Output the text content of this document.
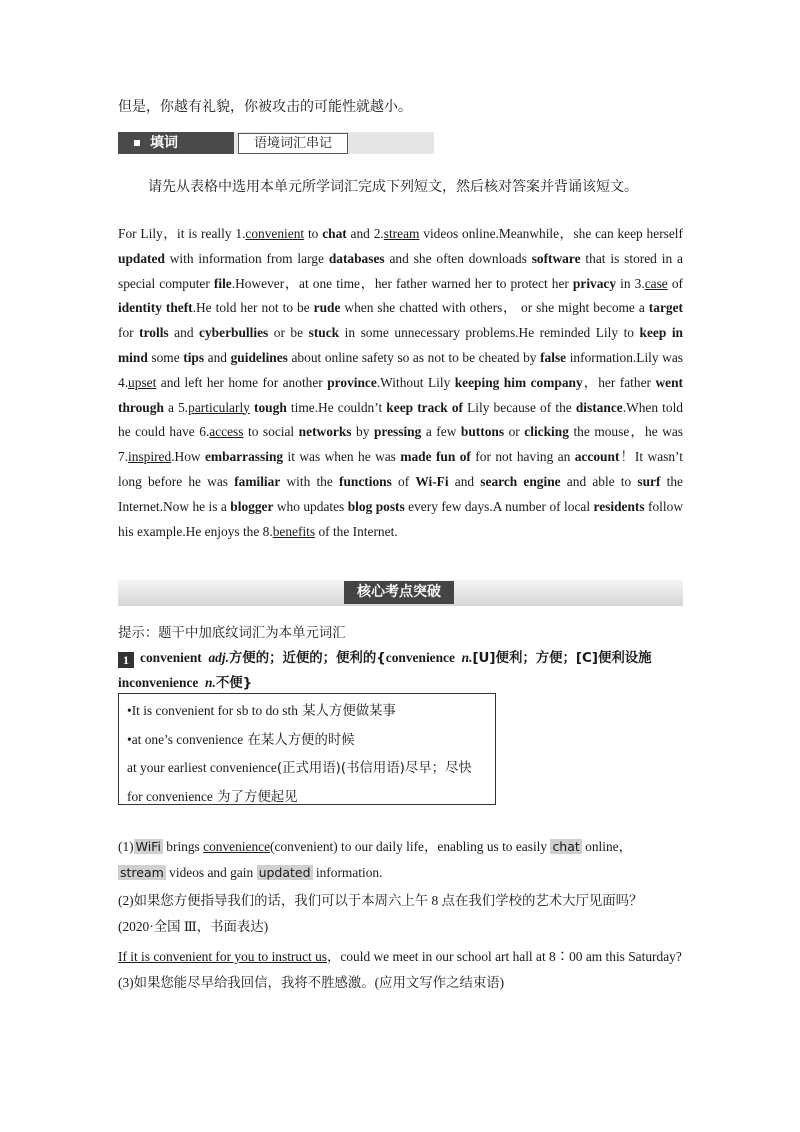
但是，你越有礼貌，你被攻击的可能性就越小。
填词	语境词汇串记
请先从表格中选用本单元所学词汇完成下列短文，然后核对答案并背诵该短文。
For Lily，it is really 1.convenient to chat and 2.stream videos online.Meanwhile，she can keep herself updated with information from large databases and she often downloads software that is stored in a special computer file.However，at one time，her father warned her to protect her privacy in 3.case of identity theft.He told her not to be rude when she chatted with others， or she might become a target for trolls and cyberbullies or be stuck in some unnecessary problems.He reminded Lily to keep in mind some tips and guidelines about online safety so as not to be cheated by false information.Lily was 4.upset and left her home for another province.Without Lily keeping him company，her father went through a 5.particularly tough time.He couldn’t keep track of Lily because of the distance.When told he could have 6.access to social networks by pressing a few buttons or clicking the mouse，he was 7.inspired.How embarrassing it was when he was made fun of for not having an account！It wasn’t long before he was familiar with the functions of Wi-Fi and search engine and able to surf the Internet.Now he is a blogger who updates blog posts every few days.A number of local residents follow his example.He enjoys the 8.benefits of the Internet.
核心考点突破
提示：题干中加底纹词汇为本单元词汇
1 convenient adj.方便的；近便的；便利的{convenience n.[U]便利；方便；[C]便利设施
inconvenience n.不便}
•It is convenient for sb to do sth 某人方便做某事
•at one’s convenience 在某人方便的时候
at your earliest convenience(正式用语)(书信用语)尽早；尽快
for convenience 为了方便起见
(1) WiFi brings convenience(convenient) to our daily life，enabling us to easily chat online，
stream videos and gain updated information.
(2)如果您方便指导我们的话，我们可以于本周六上午 8 点在我们学校的艺术大厅见面吗？
(2020·全国 Ⅲ，书面表达)
If it is convenient for you to instruct us，could we meet in our school art hall at 8∶00 am this Saturday?
(3)如果您能尽早给我回信，我将不胜感激。(应用文写作之结束语)
